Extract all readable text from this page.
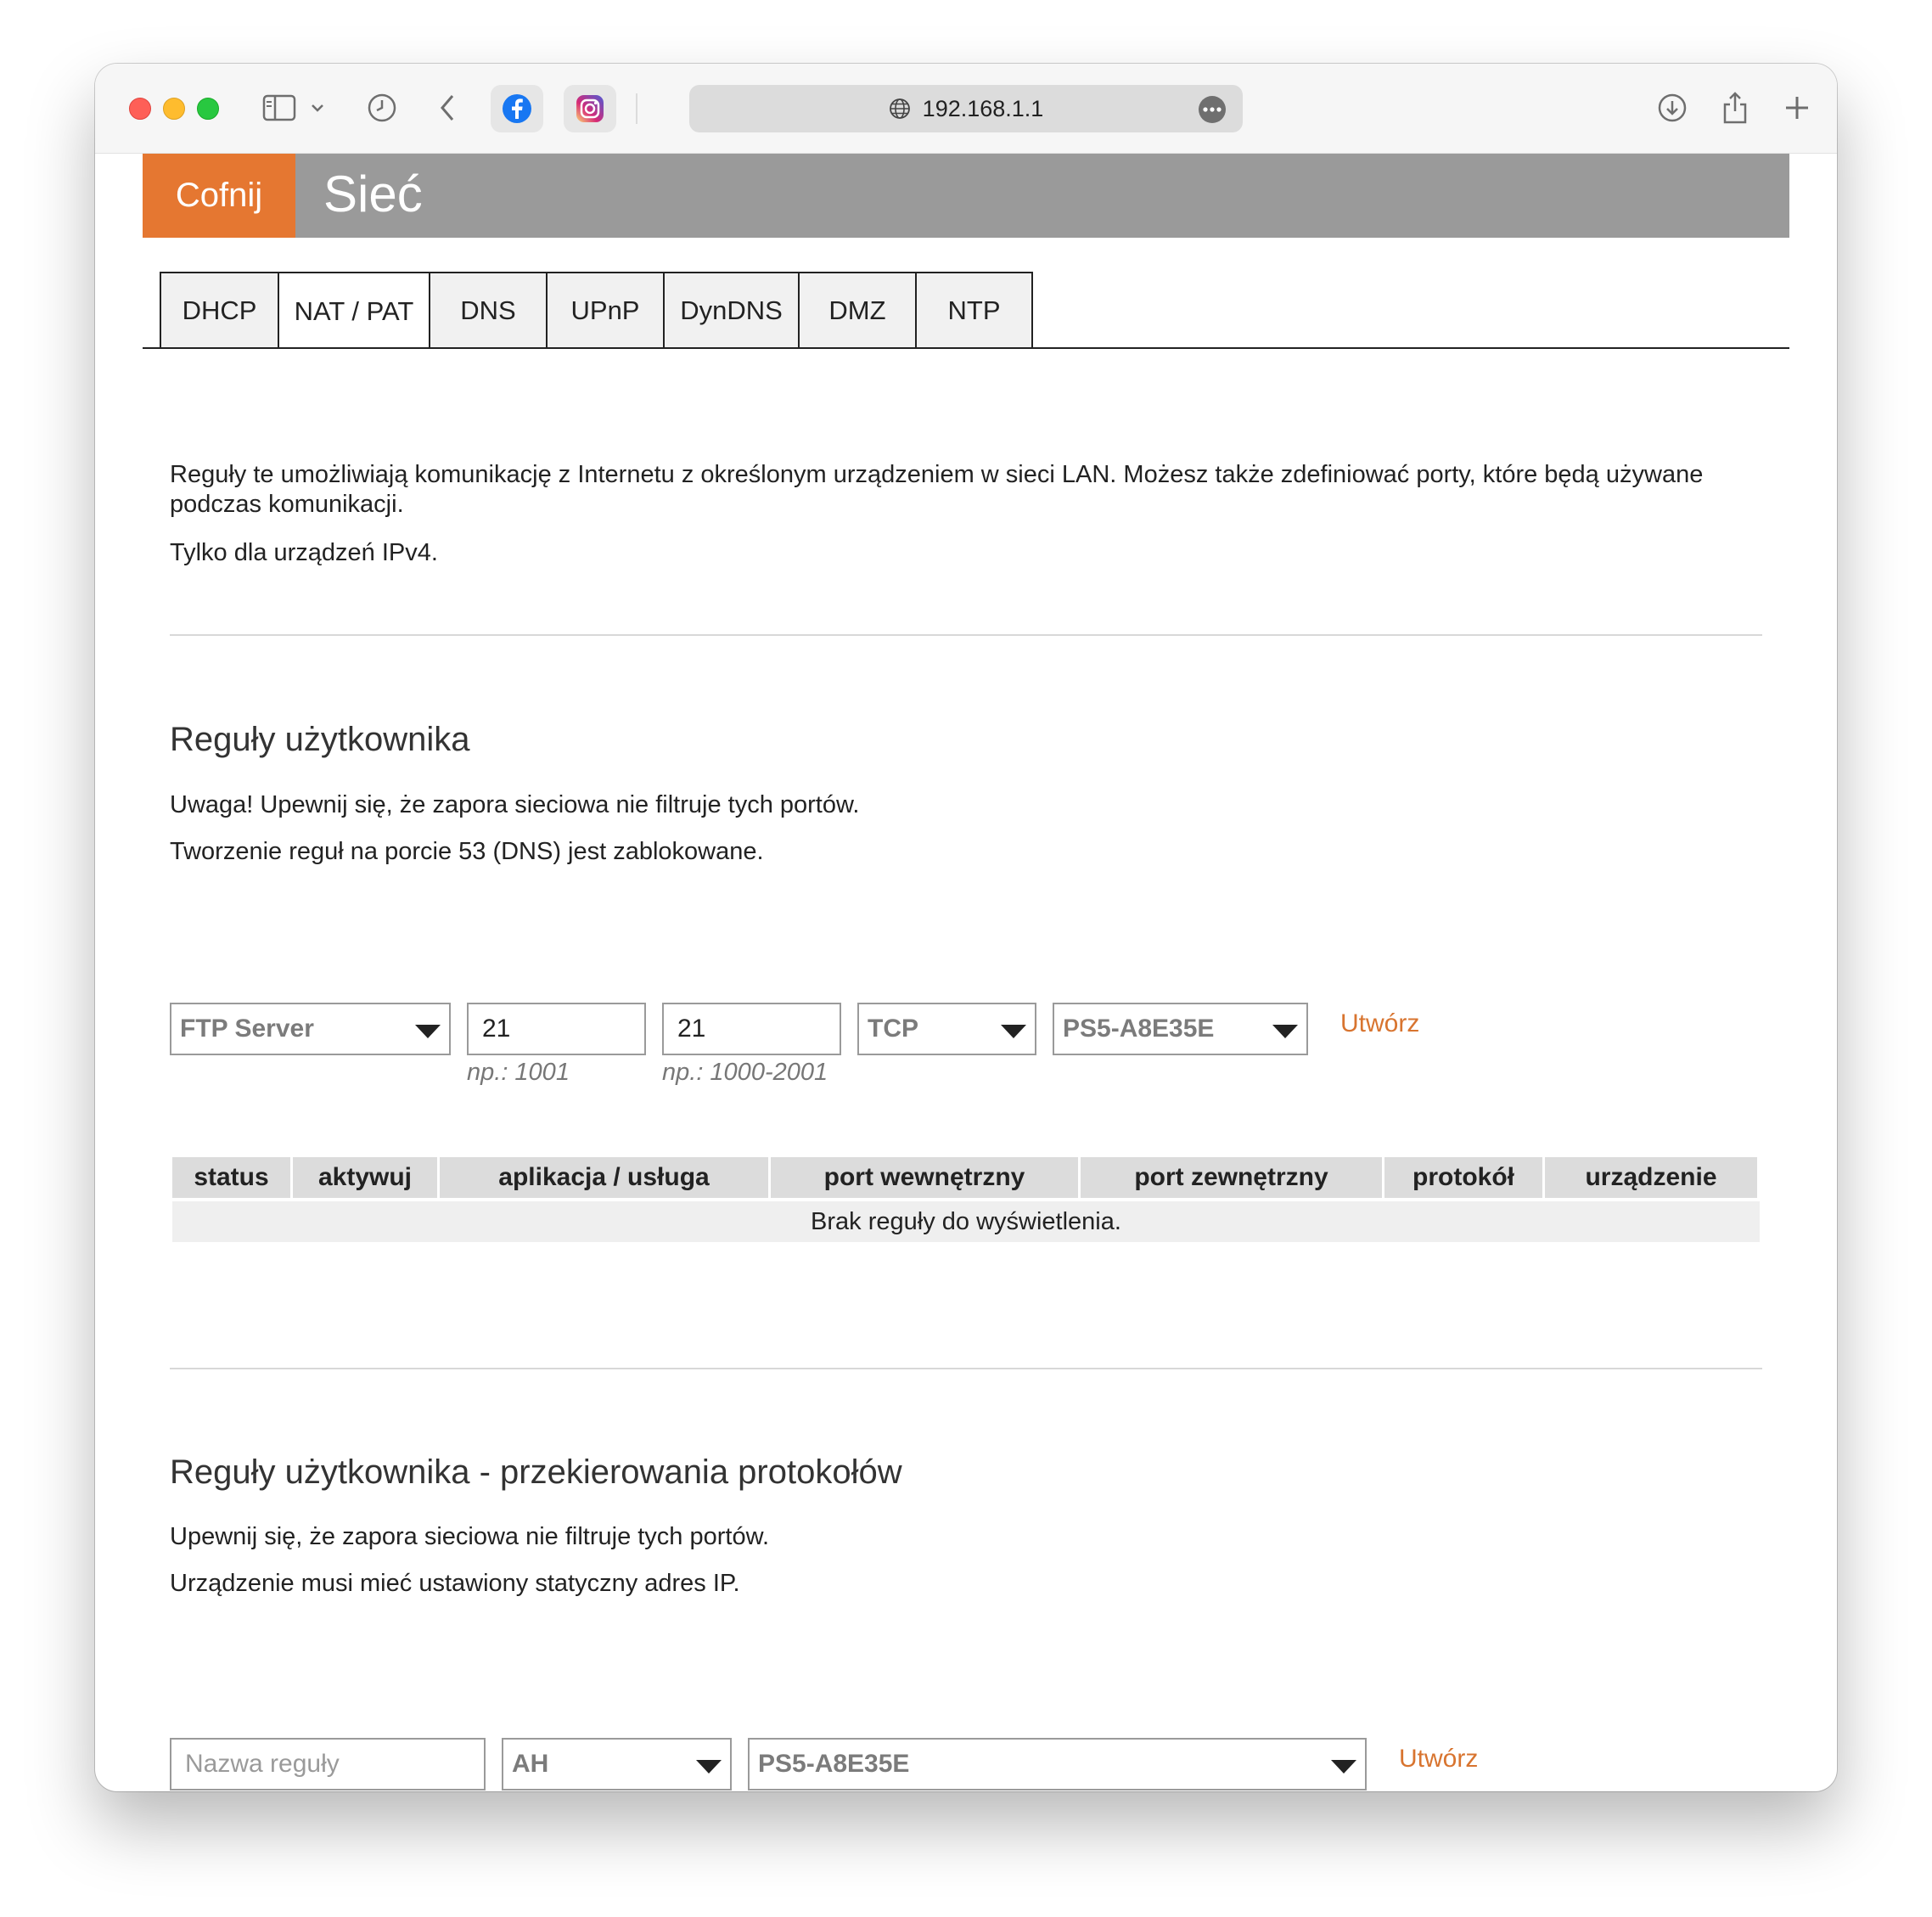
192.168.1.1
Cofnij	Sieć
DHCP	NAT / PAT	DNS	UPnP	DynDNS	DMZ	NTP
Reguły te umożliwiają komunikację z Internetu z określonym urządzeniem w sieci LAN. Możesz także zdefiniować porty, które będą używane podczas komunikacji.
Tylko dla urządzeń IPv4.
Reguły użytkownika
Uwaga! Upewnij się, że zapora sieciowa nie filtruje tych portów.
Tworzenie reguł na porcie 53 (DNS) jest zablokowane.
FTP Server	21
np.: 1001
21
np.: 1000-2001
TCP	PS5-A8E35E	Utwórz
status	aktywuj	aplikacja / usługa	port wewnętrzny	port zewnętrzny	protokół	urządzenie
Brak reguły do wyświetlenia.
Reguły użytkownika - przekierowania protokołów
Upewnij się, że zapora sieciowa nie filtruje tych portów.
Urządzenie musi mieć ustawiony statyczny adres IP.
Nazwa reguły	AH	PS5-A8E35E	Utwórz
